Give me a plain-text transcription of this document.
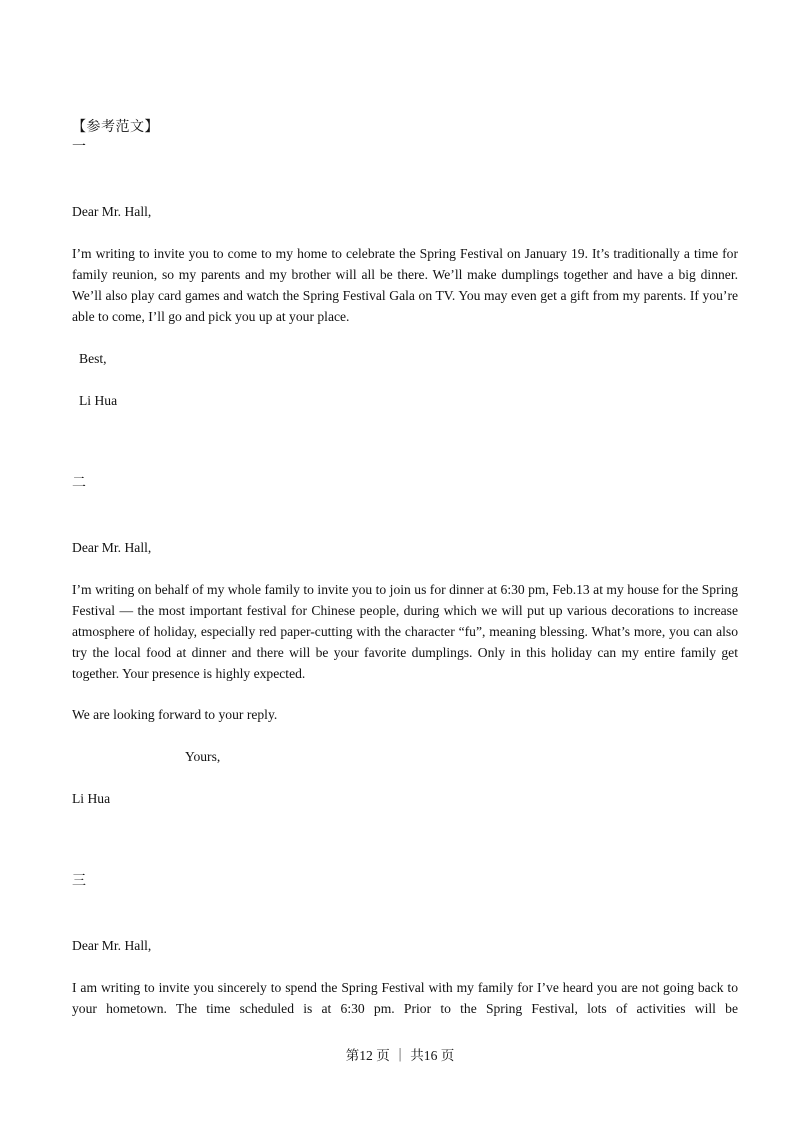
【参考范文】
一
Dear Mr. Hall,
I’m writing to invite you to come to my home to celebrate the Spring Festival on January 19. It’s traditionally a time for family reunion, so my parents and my brother will all be there. We’ll make dumplings together and have a big dinner. We’ll also play card games and watch the Spring Festival Gala on TV. You may even get a gift from my parents. If you’re able to come, I’ll go and pick you up at your place.
Best,
Li Hua
二
Dear Mr. Hall,
I’m writing on behalf of my whole family to invite you to join us for dinner at 6:30 pm, Feb.13 at my house for the Spring Festival — the most important festival for Chinese people, during which we will put up various decorations to increase atmosphere of holiday, especially red paper-cutting with the character “fu”, meaning blessing. What’s more, you can also try the local food at dinner and there will be your favorite dumplings. Only in this holiday can my entire family get together. Your presence is highly expected.
We are looking forward to your reply.
Yours,
Li Hua
三
Dear Mr. Hall,
I am writing to invite you sincerely to spend the Spring Festival with my family for I’ve heard you are not going back to your hometown. The time scheduled is at 6:30 pm. Prior to the Spring Festival, lots of activities will be
第12 页 ｜ 共16 页
